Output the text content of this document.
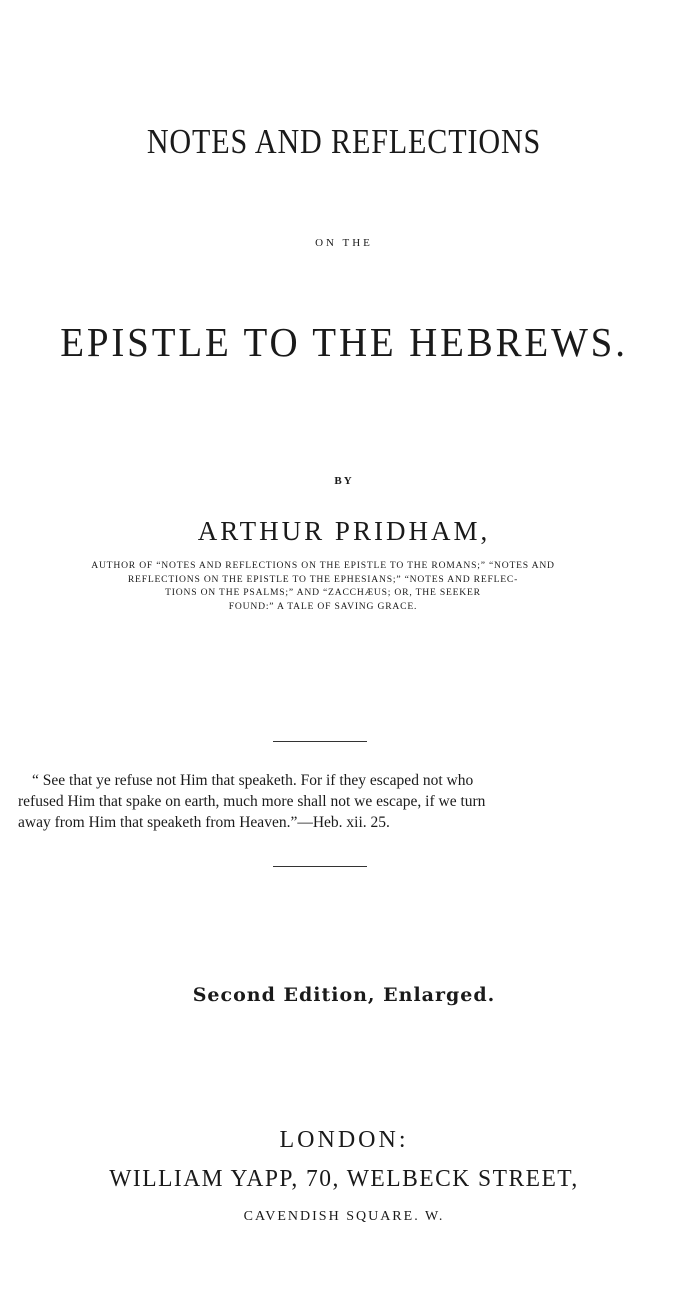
NOTES AND REFLECTIONS
ON THE
EPISTLE TO THE HEBREWS.
BY
ARTHUR PRIDHAM,
AUTHOR OF “NOTES AND REFLECTIONS ON THE EPISTLE TO THE ROMANS;” “NOTES AND
REFLECTIONS ON THE EPISTLE TO THE EPHESIANS;” “NOTES AND REFLEC-
TIONS ON THE PSALMS;” AND “ZACCHÆUS; OR, THE SEEKER
FOUND:” A TALE OF SAVING GRACE.
“ See that ye refuse not Him that speaketh. For if they escaped not who
refused Him that spake on earth, much more shall not we escape, if we turn
away from Him that speaketh from Heaven.”—Heb. xii. 25.
Second Edition, Enlarged.
LONDON:
WILLIAM YAPP, 70, WELBECK STREET,
CAVENDISH SQUARE. W.
